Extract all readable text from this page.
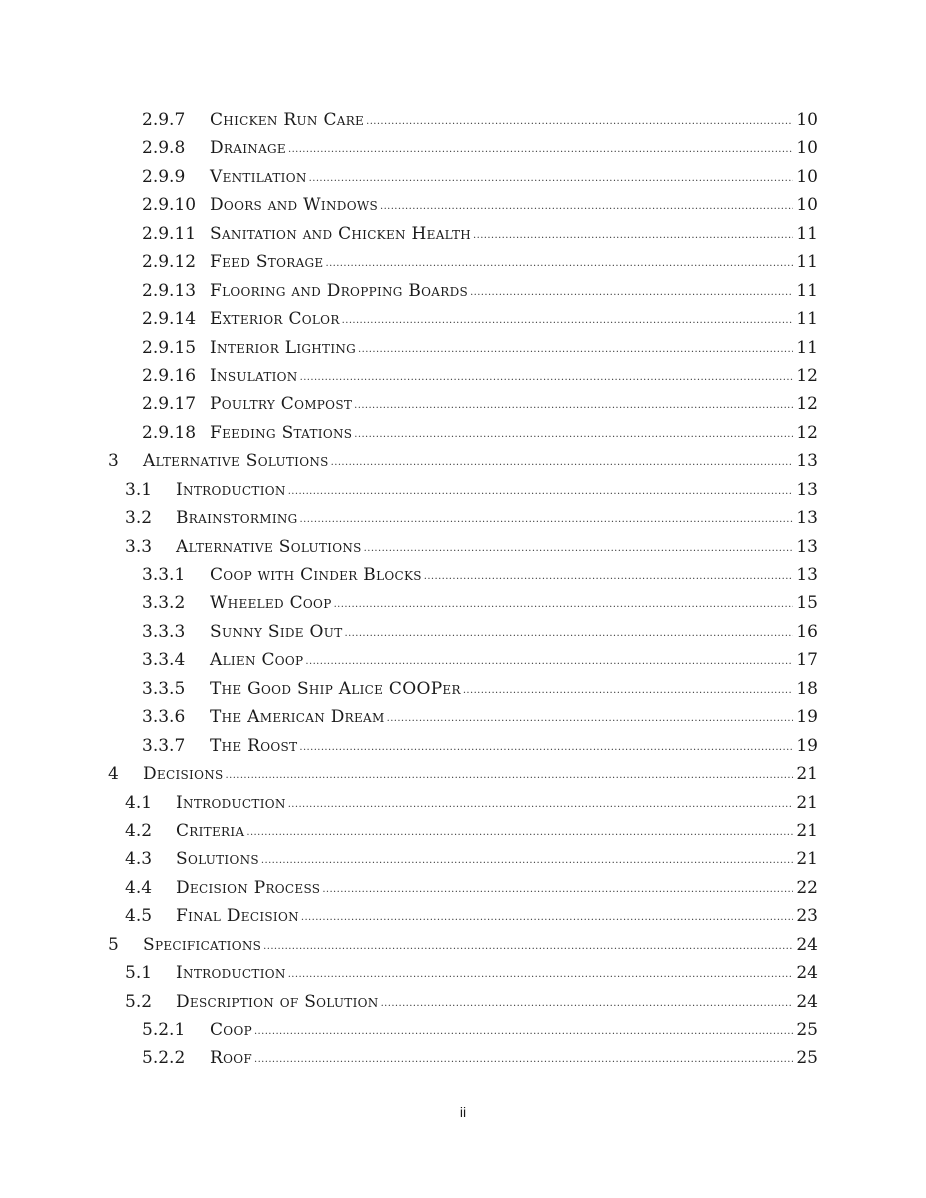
2.9.7 Chicken Run Care .....	10
2.9.8 Drainage .....	10
2.9.9 Ventilation .....	10
2.9.10 Doors and Windows .....	10
2.9.11 Sanitation and Chicken Health .....	11
2.9.12 Feed Storage .....	11
2.9.13 Flooring and Dropping Boards .....	11
2.9.14 Exterior Color .....	11
2.9.15 Interior Lighting .....	11
2.9.16 Insulation .....	12
2.9.17 Poultry Compost .....	12
2.9.18 Feeding Stations .....	12
3 Alternative Solutions .....	13
3.1 Introduction .....	13
3.2 Brainstorming .....	13
3.3 Alternative Solutions .....	13
3.3.1 Coop with Cinder Blocks .....	13
3.3.2 Wheeled Coop .....	15
3.3.3 Sunny Side Out .....	16
3.3.4 Alien Coop .....	17
3.3.5 The Good Ship Alice COOPer .....	18
3.3.6 The American Dream .....	19
3.3.7 The Roost .....	19
4 Decisions .....	21
4.1 Introduction .....	21
4.2 Criteria .....	21
4.3 Solutions .....	21
4.4 Decision Process .....	22
4.5 Final Decision .....	23
5 Specifications .....	24
5.1 Introduction .....	24
5.2 Description of Solution .....	24
5.2.1 Coop .....	25
5.2.2 Roof .....	25
ii
